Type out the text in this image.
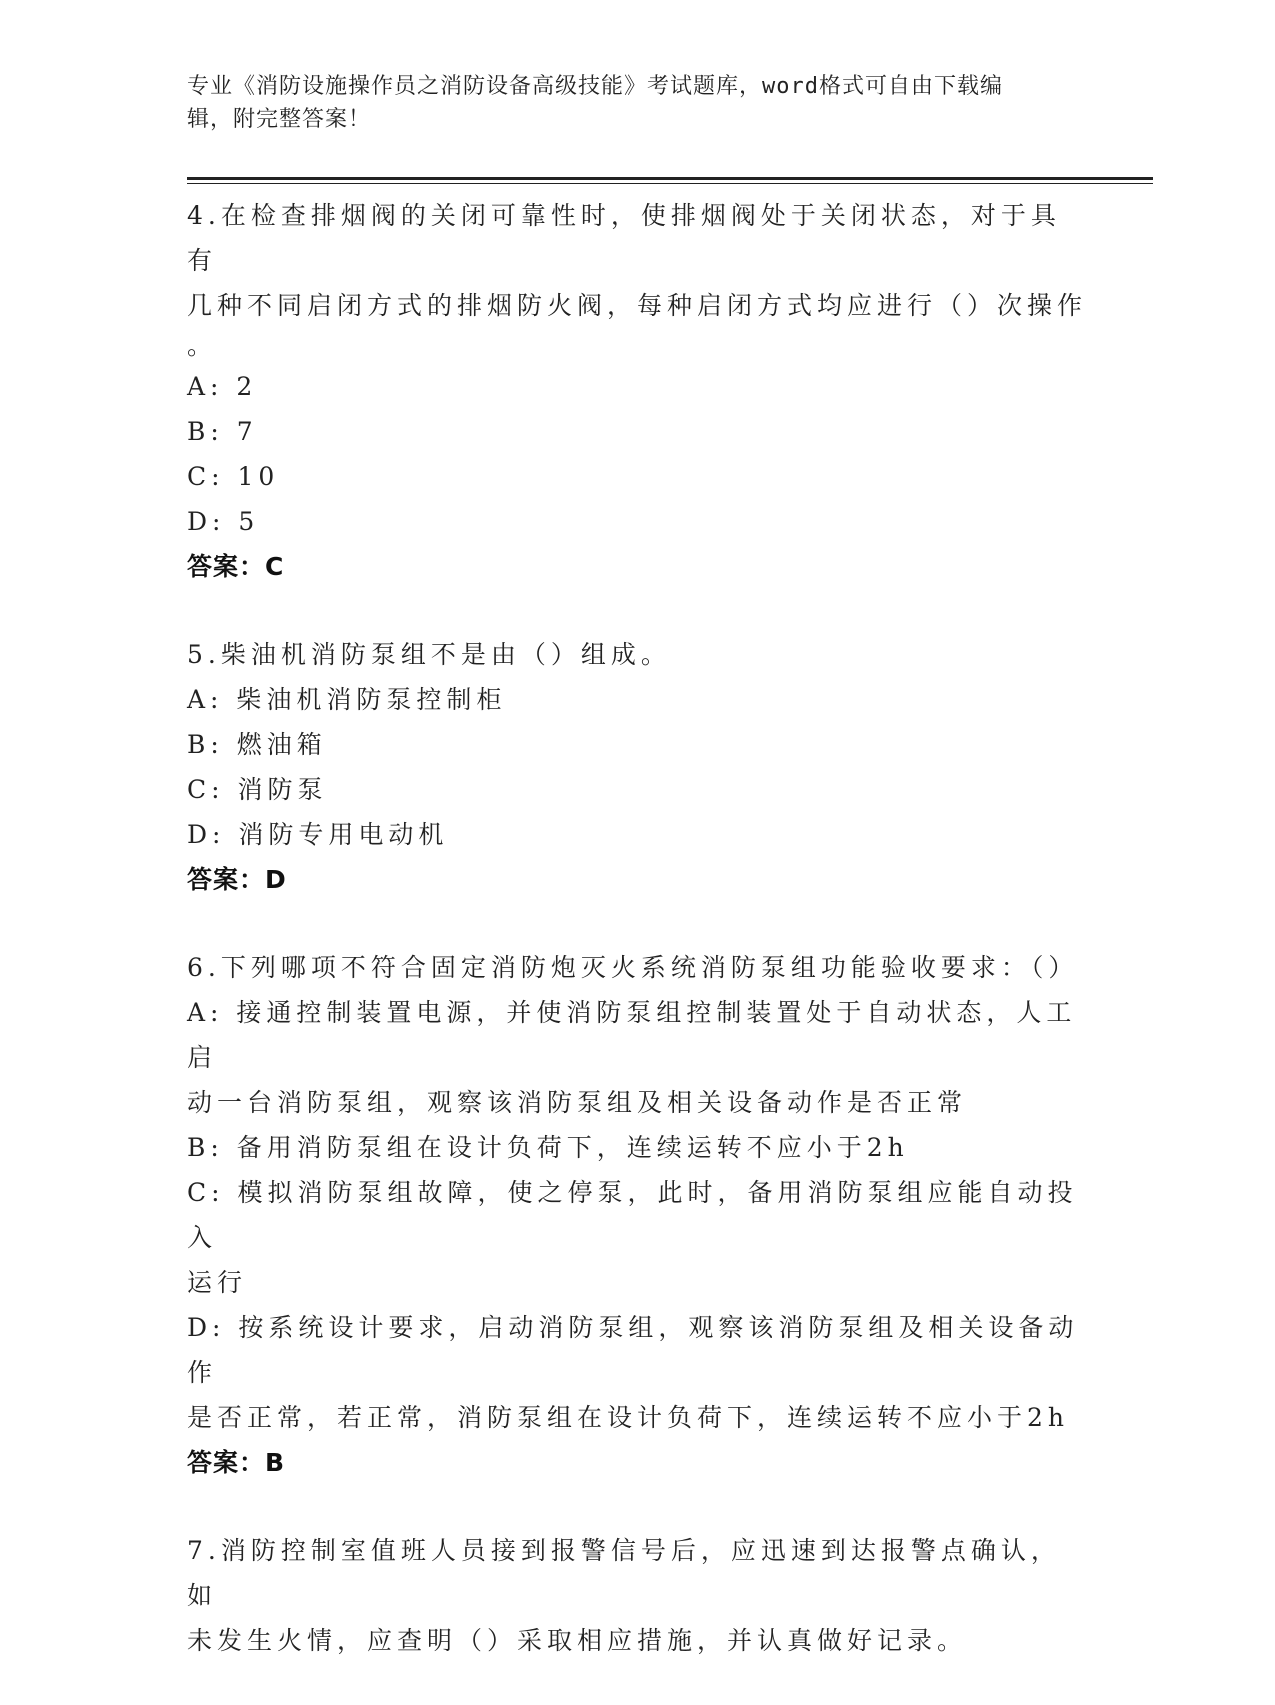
专业《消防设施操作员之消防设备高级技能》考试题库，word格式可自由下载编
辑，附完整答案！
4.在检查排烟阀的关闭可靠性时，使排烟阀处于关闭状态，对于具有
几种不同启闭方式的排烟防火阀，每种启闭方式均应进行（）次操作
。
A: 2
B: 7
C: 10
D: 5
答案：C
5.柴油机消防泵组不是由（）组成。
A: 柴油机消防泵控制柜
B: 燃油箱
C: 消防泵
D: 消防专用电动机
答案：D
6.下列哪项不符合固定消防炮灭火系统消防泵组功能验收要求：（）
A: 接通控制装置电源，并使消防泵组控制装置处于自动状态，人工启
动一台消防泵组，观察该消防泵组及相关设备动作是否正常
B: 备用消防泵组在设计负荷下，连续运转不应小于2h
C: 模拟消防泵组故障，使之停泵，此时，备用消防泵组应能自动投入
运行
D: 按系统设计要求，启动消防泵组，观察该消防泵组及相关设备动作
是否正常，若正常，消防泵组在设计负荷下，连续运转不应小于2h
答案：B
7.消防控制室值班人员接到报警信号后，应迅速到达报警点确认，如
未发生火情，应查明（）采取相应措施，并认真做好记录。
